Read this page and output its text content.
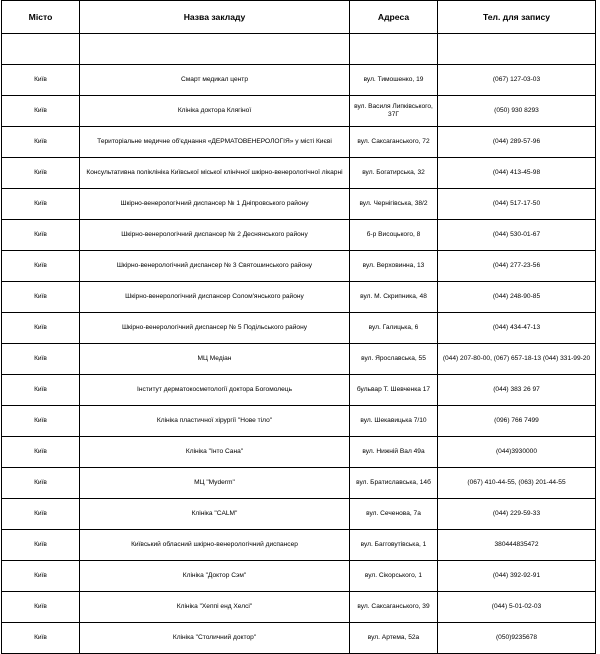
Місто	Назва закладу	Адреса	Тел. для запису

Київ	Смарт медикал центр	вул. Тимошенко, 19	(067) 127-03-03
Київ	Клініка доктора Клягіної	вул. Василя Липківського, 37Г	(050) 930 8293
Київ	Територіальне медичне об'єднання «ДЕРМАТОВЕНЕРОЛОГІЯ» у місті Києві	вул. Саксаганського, 72	(044) 289-57-96
Київ	Консультативна поліклініка Київської міської клінічної шкірно-венерологічної лікарні	вул. Богатирська, 32	(044) 413-45-98
Київ	Шкірно-венерологічний диспансер № 1 Дніпровського району	вул. Чернігівська, 38/2	(044) 517-17-50
Київ	Шкірно-венерологічний диспансер № 2 Деснянського району	б-р Висоцького, 8	(044) 530-01-67
Київ	Шкірно-венерологічний диспансер № 3 Святошинського району	вул. Верховинна, 13	(044) 277-23-56
Київ	Шкірно-венерологічний диспансер Солом'янського району	вул. М. Скрипника, 48	(044) 248-90-85
Київ	Шкірно-венерологічний диспансер № 5 Подільського району	вул. Галицька, 6	(044) 434-47-13
Київ	МЦ Медіан	вул. Ярославська, 55	(044) 207-80-00, (067) 657-18-13 (044) 331-99-20
Київ	Інститут дерматокосметології доктора Богомолець	бульвар Т. Шевченка 17	(044) 383 26 97
Київ	Клініка пластичної хірургії "Нове тіло"	вул. Шекавицька 7/10	(096) 766 7499
Київ	Клініка "Інто Сана"	вул. Нижній Вал 49а	(044)3930000
Київ	МЦ "Myderm"	вул. Братиславська, 14б	(067) 410-44-55, (063) 201-44-55
Київ	Клініка "CALM"	вул. Сеченова, 7а	(044) 229-59-33
Київ	Київський обласний шкірно-венерологічний диспансер	вул. Багговутівська, 1	380444835472
Київ	Клініка "Доктор Сэм"	вул. Сікорського, 1	(044) 392-92-91
Київ	Клініка "Хеппі енд Хелсі"	вул. Саксаганського, 39	(044) 5-01-02-03
Київ	Клініка "Столичний доктор"	вул. Артема, 52а	(050)9235678
